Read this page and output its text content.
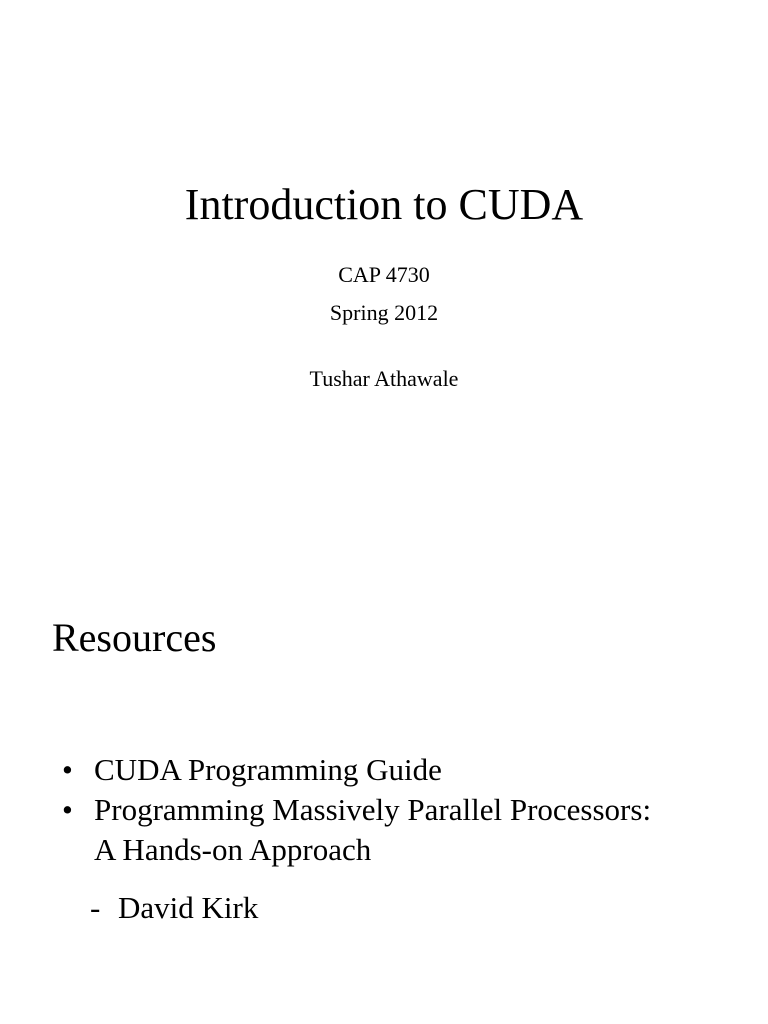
Introduction to CUDA
CAP 4730
Spring 2012
Tushar Athawale
Resources
• CUDA Programming Guide
• Programming Massively Parallel Processors: A Hands-on Approach
- David Kirk
